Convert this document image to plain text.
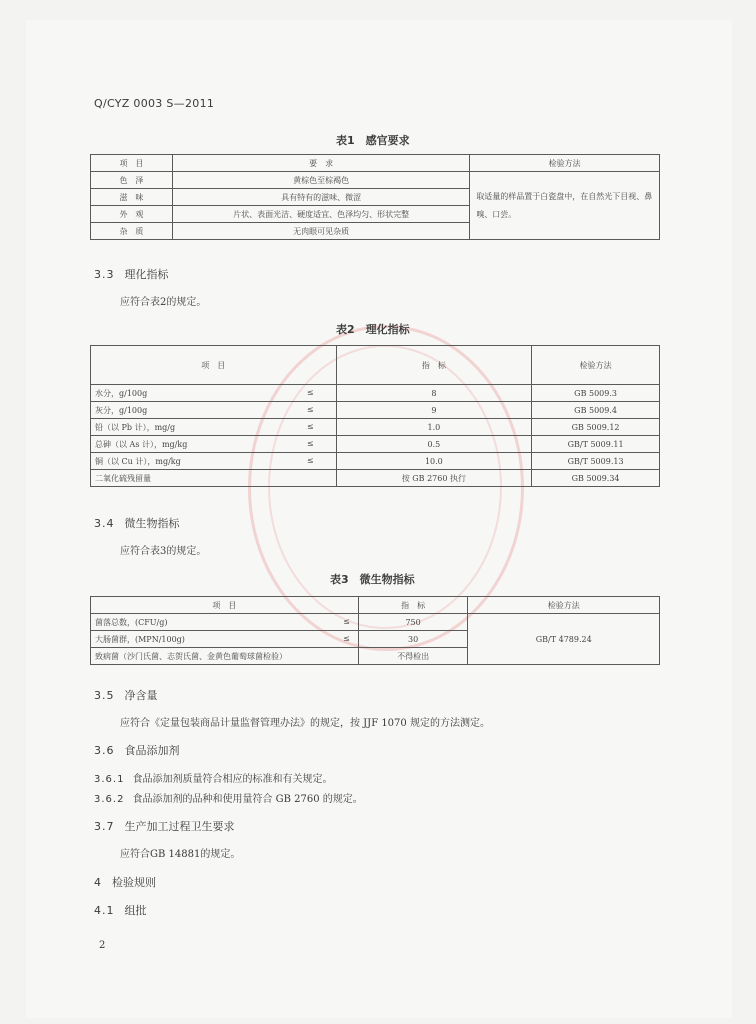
Q/CYZ 0003 S—2011
表1　感官要求
项　目	要　求	检验方法
色　泽	黄棕色至棕褐色	取适量的样品置于白瓷盘中，在自然光下目视、鼻嗅、口尝。
滋　味	具有特有的滋味、微涩	
外　观	片状、表面光洁、硬度适宜、色泽均匀、形状完整	
杂　质	无肉眼可见杂质	
3.3 理化指标
应符合表2的规定。
表2　理化指标
项　目	指　标	检验方法
水分，g/100g ≤	8	GB 5009.3
灰分，g/100g ≤	9	GB 5009.4
铅（以 Pb 计），mg/g ≤	1.0	GB 5009.12
总砷（以 As 计），mg/kg ≤	0.5	GB/T 5009.11
铜（以 Cu 计），mg/kg ≤	10.0	GB/T 5009.13
二氧化硫残留量	按 GB 2760 执行	GB 5009.34
3.4 微生物指标
应符合表3的规定。
表3　微生物指标
项　目	指　标	检验方法
菌落总数，(CFU/g) ≤	750	GB/T 4789.24
大肠菌群，(MPN/100g) ≤	30	
致病菌（沙门氏菌、志贺氏菌、金黄色葡萄球菌检验）	不得检出	
3.5 净含量
应符合《定量包装商品计量监督管理办法》的规定，按 JJF 1070 规定的方法测定。
3.6 食品添加剂
3.6.1 食品添加剂质量符合相应的标准和有关规定。
3.6.2 食品添加剂的品种和使用量符合 GB 2760 的规定。
3.7 生产加工过程卫生要求
应符合GB 14881的规定。
4 检验规则
4.1 组批
2
